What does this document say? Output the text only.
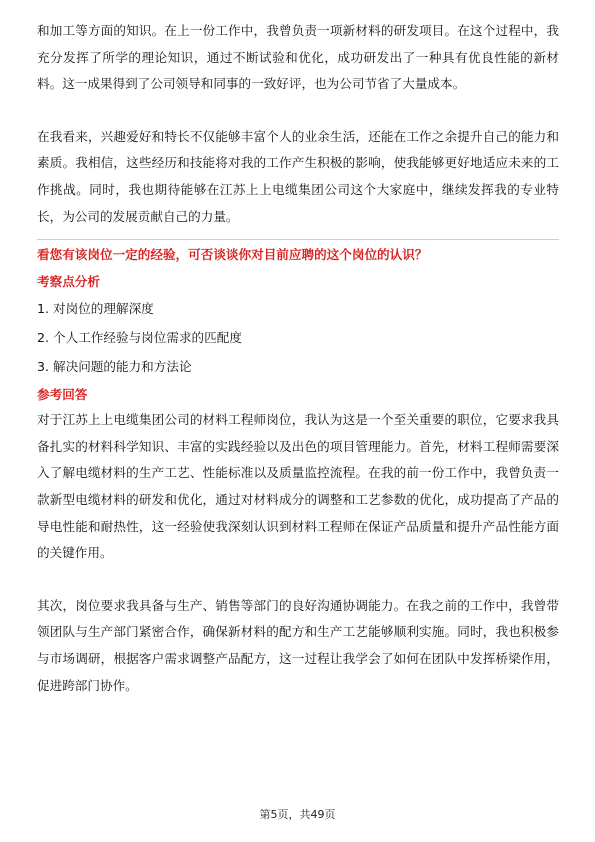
和加工等方面的知识。在上一份工作中，我曾负责一项新材料的研发项目。在这个过程中，我充分发挥了所学的理论知识，通过不断试验和优化，成功研发出了一种具有优良性能的新材料。这一成果得到了公司领导和同事的一致好评，也为公司节省了大量成本。

在我看来，兴趣爱好和特长不仅能够丰富个人的业余生活，还能在工作之余提升自己的能力和素质。我相信，这些经历和技能将对我的工作产生积极的影响，使我能够更好地适应未来的工作挑战。同时，我也期待能够在江苏上上电缆集团公司这个大家庭中，继续发挥我的专业特长，为公司的发展贡献自己的力量。

看您有该岗位一定的经验，可否谈谈你对目前应聘的这个岗位的认识？
考察点分析
1. 对岗位的理解深度
2. 个人工作经验与岗位需求的匹配度
3. 解决问题的能力和方法论
参考回答

对于江苏上上电缆集团公司的材料工程师岗位，我认为这是一个至关重要的职位，它要求我具备扎实的材料科学知识、丰富的实践经验以及出色的项目管理能力。首先，材料工程师需要深入了解电缆材料的生产工艺、性能标准以及质量监控流程。在我的前一份工作中，我曾负责一款新型电缆材料的研发和优化，通过对材料成分的调整和工艺参数的优化，成功提高了产品的导电性能和耐热性，这一经验使我深刻认识到材料工程师在保证产品质量和提升产品性能方面的关键作用。

其次，岗位要求我具备与生产、销售等部门的良好沟通协调能力。在我之前的工作中，我曾带领团队与生产部门紧密合作，确保新材料的配方和生产工艺能够顺利实施。同时，我也积极参与市场调研，根据客户需求调整产品配方，这一过程让我学会了如何在团队中发挥桥梁作用，促进跨部门协作。

第5页，共49页
